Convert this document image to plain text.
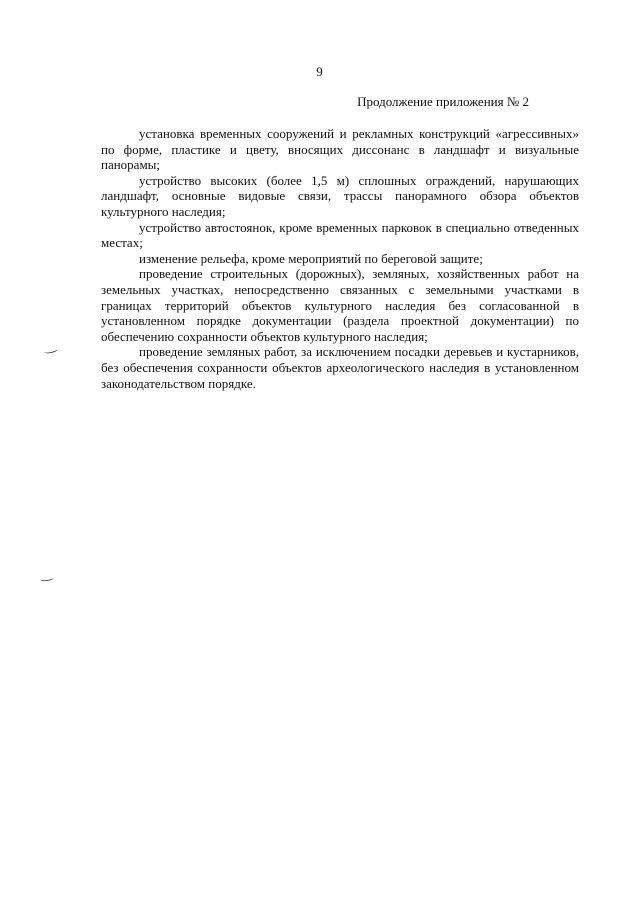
9
Продолжение приложения № 2

установка временных сооружений и рекламных конструкций «агрессивных» по форме, пластике и цвету, вносящих диссонанс в ландшафт и визуальные панорамы;

устройство высоких (более 1,5 м) сплошных ограждений, нарушающих ландшафт, основные видовые связи, трассы панорамного обзора объектов культурного наследия;

устройство автостоянок, кроме временных парковок в специально отведенных местах;

изменение рельефа, кроме мероприятий по береговой защите;

проведение строительных (дорожных), земляных, хозяйственных работ на земельных участках, непосредственно связанных с земельными участками в границах территорий объектов культурного наследия без согласованной в установленном порядке документации (раздела проектной документации) по обеспечению сохранности объектов культурного наследия;

проведение земляных работ, за исключением посадки деревьев и кустарников, без обеспечения сохранности объектов археологического наследия в установленном законодательством порядке.
